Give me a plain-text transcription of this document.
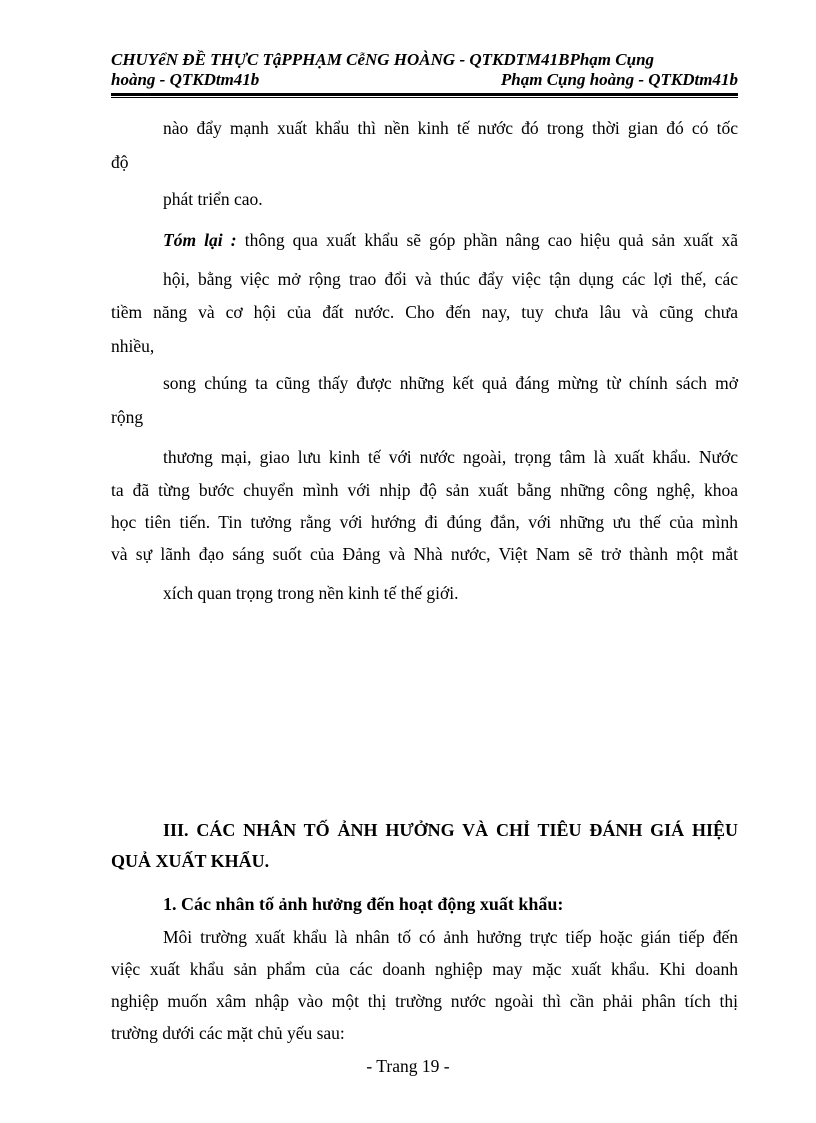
CHUYểN ĐỀ THỰC TậPPHẠM CễNG HOÀNG - QTKDTM41BPhạm Cụng
hoàng - QTKDtm41b	Phạm Cụng hoàng - QTKDtm41b
nào đẩy mạnh xuất khẩu thì nền kinh tế nước đó trong thời gian đó có tốc
độ
phát triển cao.
Tóm lại : thông qua xuất khẩu sẽ góp phần nâng cao hiệu quả sản xuất xã
hội, bằng việc mở rộng trao đổi và thúc đẩy việc tận dụng các lợi thế, các
tiềm năng và cơ hội của đất nước. Cho đến nay, tuy chưa lâu và cũng chưa
nhiều,
song chúng ta cũng thấy được những kết quả đáng mừng từ chính sách mở
rộng
thương mại, giao lưu kinh tế với nước ngoài, trọng tâm là xuất khẩu. Nước
ta đã từng bước chuyển mình với nhịp độ sản xuất bằng những công nghệ, khoa
học tiên tiến. Tin tưởng rằng với hướng đi đúng đắn, với những ưu thế của mình
và sự lãnh đạo sáng suốt của Đảng và Nhà nước, Việt Nam sẽ trở thành một mắt
xích quan trọng trong nền kinh tế thế giới.
III. CÁC NHÂN TỐ ẢNH HƯỞNG VÀ CHỈ TIÊU ĐÁNH GIÁ HIỆU
QUẢ XUẤT KHẨU.
1. Các nhân tố ảnh hưởng đến hoạt động xuất khẩu:
Môi trường xuất khẩu là nhân tố có ảnh hưởng trực tiếp hoặc gián tiếp đến
việc xuất khẩu sản phẩm của các doanh nghiệp may mặc xuất khẩu. Khi doanh
nghiệp muốn xâm nhập vào một thị trường nước ngoài thì cần phải phân tích thị
trường dưới các mặt chủ yếu sau:
- Trang 19 -
